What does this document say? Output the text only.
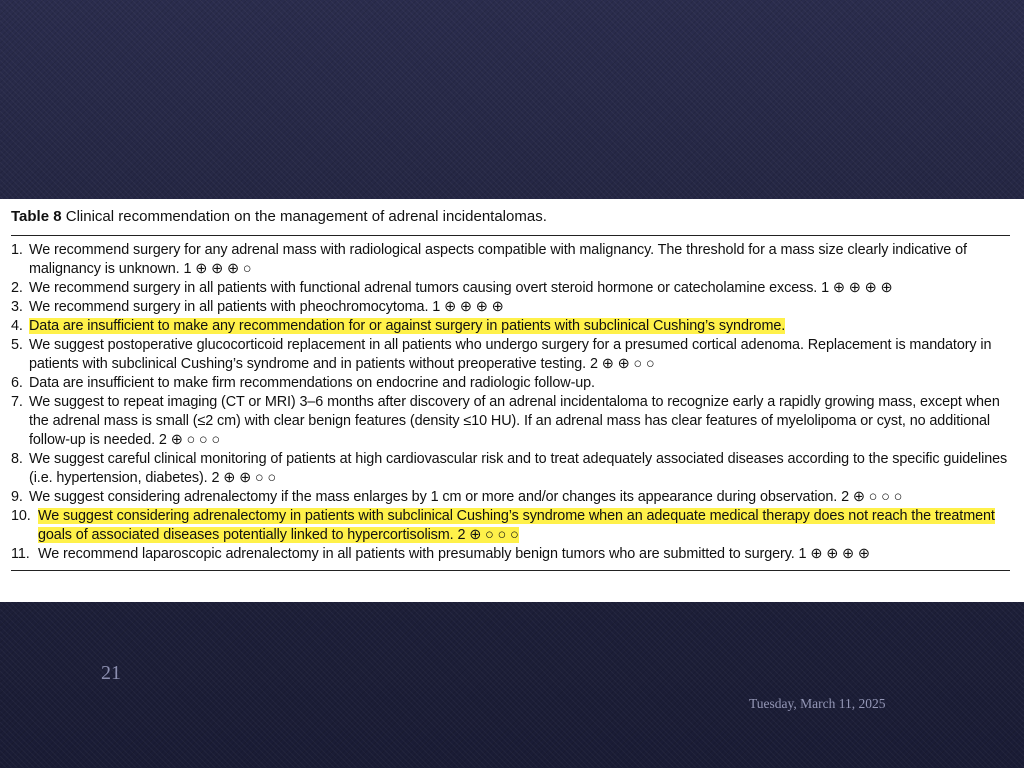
Table 8 Clinical recommendation on the management of adrenal incidentalomas.
1. We recommend surgery for any adrenal mass with radiological aspects compatible with malignancy. The threshold for a mass size clearly indicative of malignancy is unknown. 1 ⊕ ⊕ ⊕ ○
2. We recommend surgery in all patients with functional adrenal tumors causing overt steroid hormone or catecholamine excess. 1 ⊕ ⊕ ⊕ ⊕
3. We recommend surgery in all patients with pheochromocytoma. 1 ⊕ ⊕ ⊕ ⊕
4. Data are insufficient to make any recommendation for or against surgery in patients with subclinical Cushing’s syndrome.
5. We suggest postoperative glucocorticoid replacement in all patients who undergo surgery for a presumed cortical adenoma. Replacement is mandatory in patients with subclinical Cushing’s syndrome and in patients without preoperative testing. 2 ⊕ ⊕ ○ ○
6. Data are insufficient to make firm recommendations on endocrine and radiologic follow-up.
7. We suggest to repeat imaging (CT or MRI) 3–6 months after discovery of an adrenal incidentaloma to recognize early a rapidly growing mass, except when the adrenal mass is small (≤2 cm) with clear benign features (density ≤10 HU). If an adrenal mass has clear features of myelolipoma or cyst, no additional follow-up is needed. 2 ⊕ ○ ○ ○
8. We suggest careful clinical monitoring of patients at high cardiovascular risk and to treat adequately associated diseases according to the specific guidelines (i.e. hypertension, diabetes). 2 ⊕ ⊕ ○ ○
9. We suggest considering adrenalectomy if the mass enlarges by 1 cm or more and/or changes its appearance during observation. 2 ⊕ ○ ○ ○
10. We suggest considering adrenalectomy in patients with subclinical Cushing’s syndrome when an adequate medical therapy does not reach the treatment goals of associated diseases potentially linked to hypercortisolism. 2 ⊕ ○ ○ ○
11. We recommend laparoscopic adrenalectomy in all patients with presumably benign tumors who are submitted to surgery. 1 ⊕ ⊕ ⊕ ⊕
21
Tuesday, March 11, 2025
